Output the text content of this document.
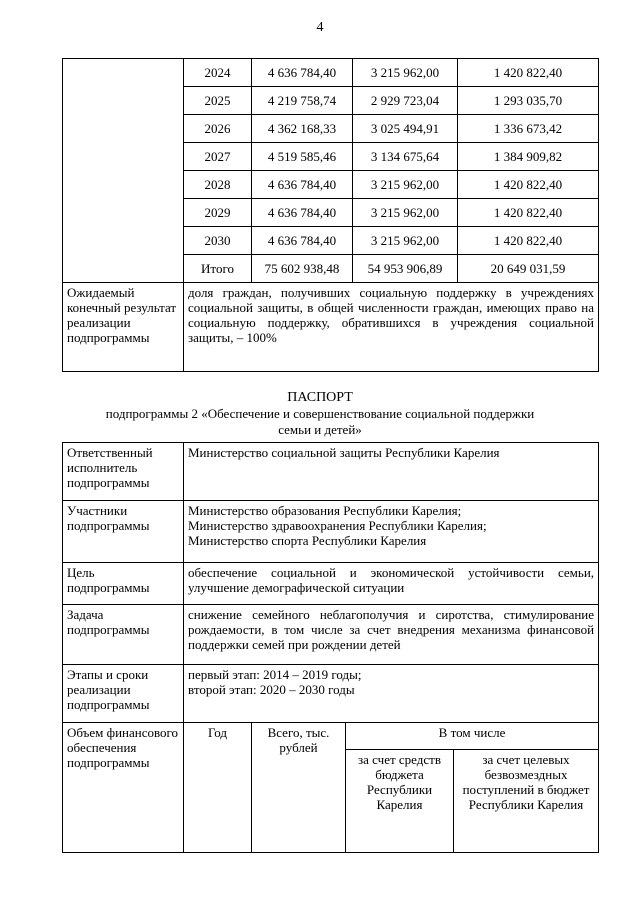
4
	2024	4 636 784,40	3 215 962,00	1 420 822,40
	2025	4 219 758,74	2 929 723,04	1 293 035,70
	2026	4 362 168,33	3 025 494,91	1 336 673,42
	2027	4 519 585,46	3 134 675,64	1 384 909,82
	2028	4 636 784,40	3 215 962,00	1 420 822,40
	2029	4 636 784,40	3 215 962,00	1 420 822,40
	2030	4 636 784,40	3 215 962,00	1 420 822,40
	Итого	75 602 938,48	54 953 906,89	20 649 031,59
Ожидаемый конечный результат реализации подпрограммы	доля граждан, получивших социальную поддержку в учреждениях социальной защиты, в общей численности граждан, имеющих право на социальную поддержку, обратившихся в учреждения социальной защиты, – 100%			
ПАСПОРТ
подпрограммы 2 «Обеспечение и совершенствование социальной поддержки
семьи и детей»
Ответственный исполнитель подпрограммы	Министерство социальной защиты Республики Карелия			
Участники подпрограммы	Министерство образования Республики Карелия;
Министерство здравоохранения Республики Карелия;
Министерство спорта Республики Карелия			

Цель подпрограммы	обеспечение социальной и экономической устойчивости семьи, улучшение демографической ситуации			
Задача подпрограммы	снижение семейного неблагополучия и сиротства, стимулирование рождаемости, в том числе за счет внедрения механизма финансовой поддержки семей при рождении детей			
Этапы и сроки реализации подпрограммы	первый этап: 2014 – 2019 годы;
второй этап: 2020 – 2030 годы			

Объем финансового обеспечения подпрограммы	Год	Всего, тыс. рублей	В том числе	
			за счет средств бюджета Республики Карелия	за счет целевых безвозмездных поступлений в бюджет Республики Карелия
